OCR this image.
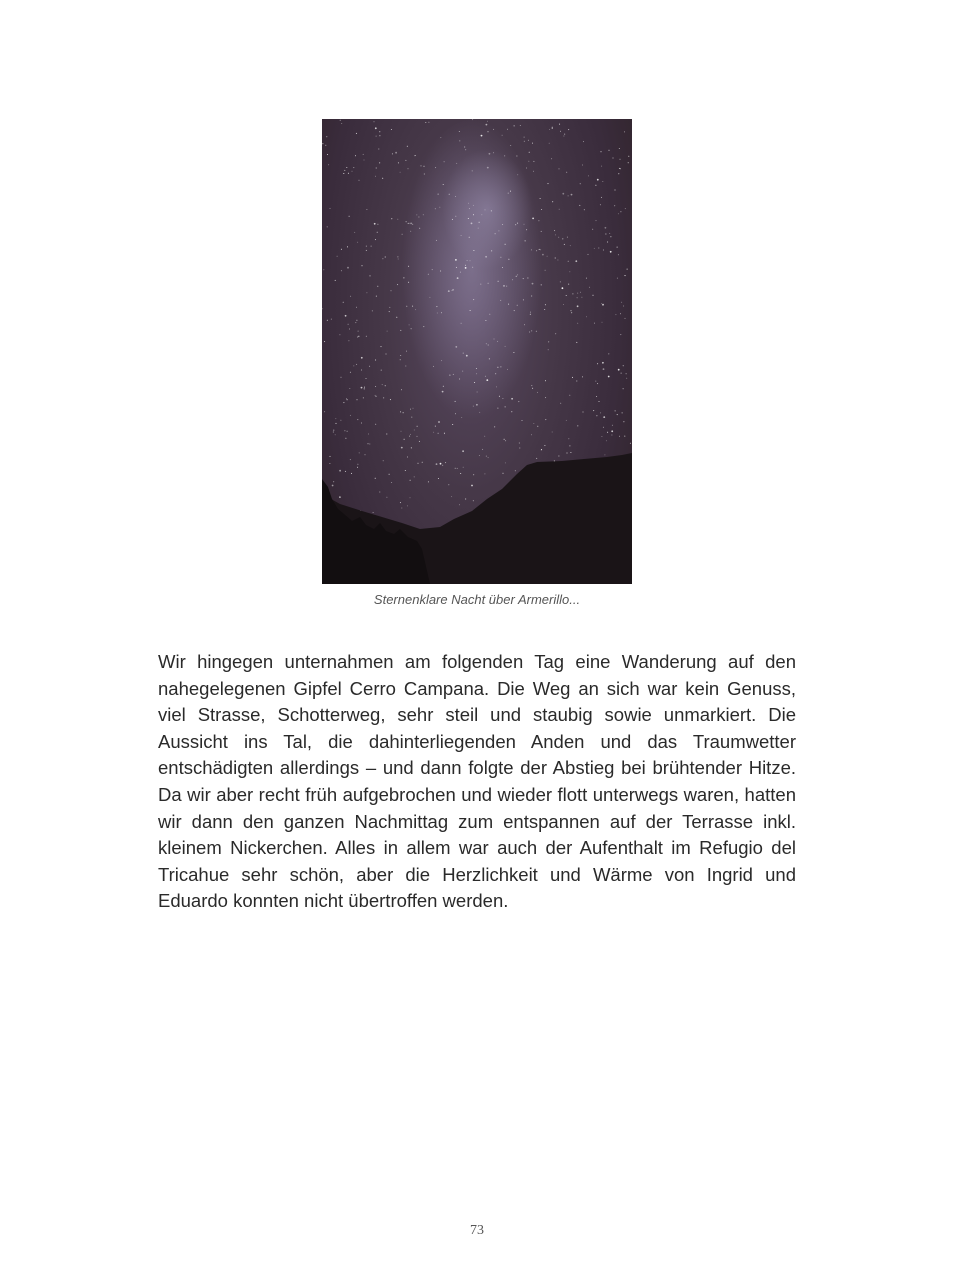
Sternenklare Nacht über Armerillo...

Wir hingegen unternahmen am folgenden Tag eine Wanderung auf den nahegelegenen Gipfel Cerro Campana. Die Weg an sich war kein Genuss, viel Strasse, Schotterweg, sehr steil und staubig sowie unmarkiert. Die Aussicht ins Tal, die dahinterliegenden Anden und das Traumwetter entschädigten allerdings – und dann folgte der Abstieg bei brühtender Hitze. Da wir aber recht früh aufgebrochen und wieder flott unterwegs waren, hatten wir dann den ganzen Nachmittag zum entspannen auf der Terrasse inkl. kleinem Nickerchen. Alles in allem war auch der Aufenthalt im Refugio del Tricahue sehr schön, aber die Herzlichkeit und Wärme von Ingrid und Eduardo konnten nicht übertroffen werden.

73
